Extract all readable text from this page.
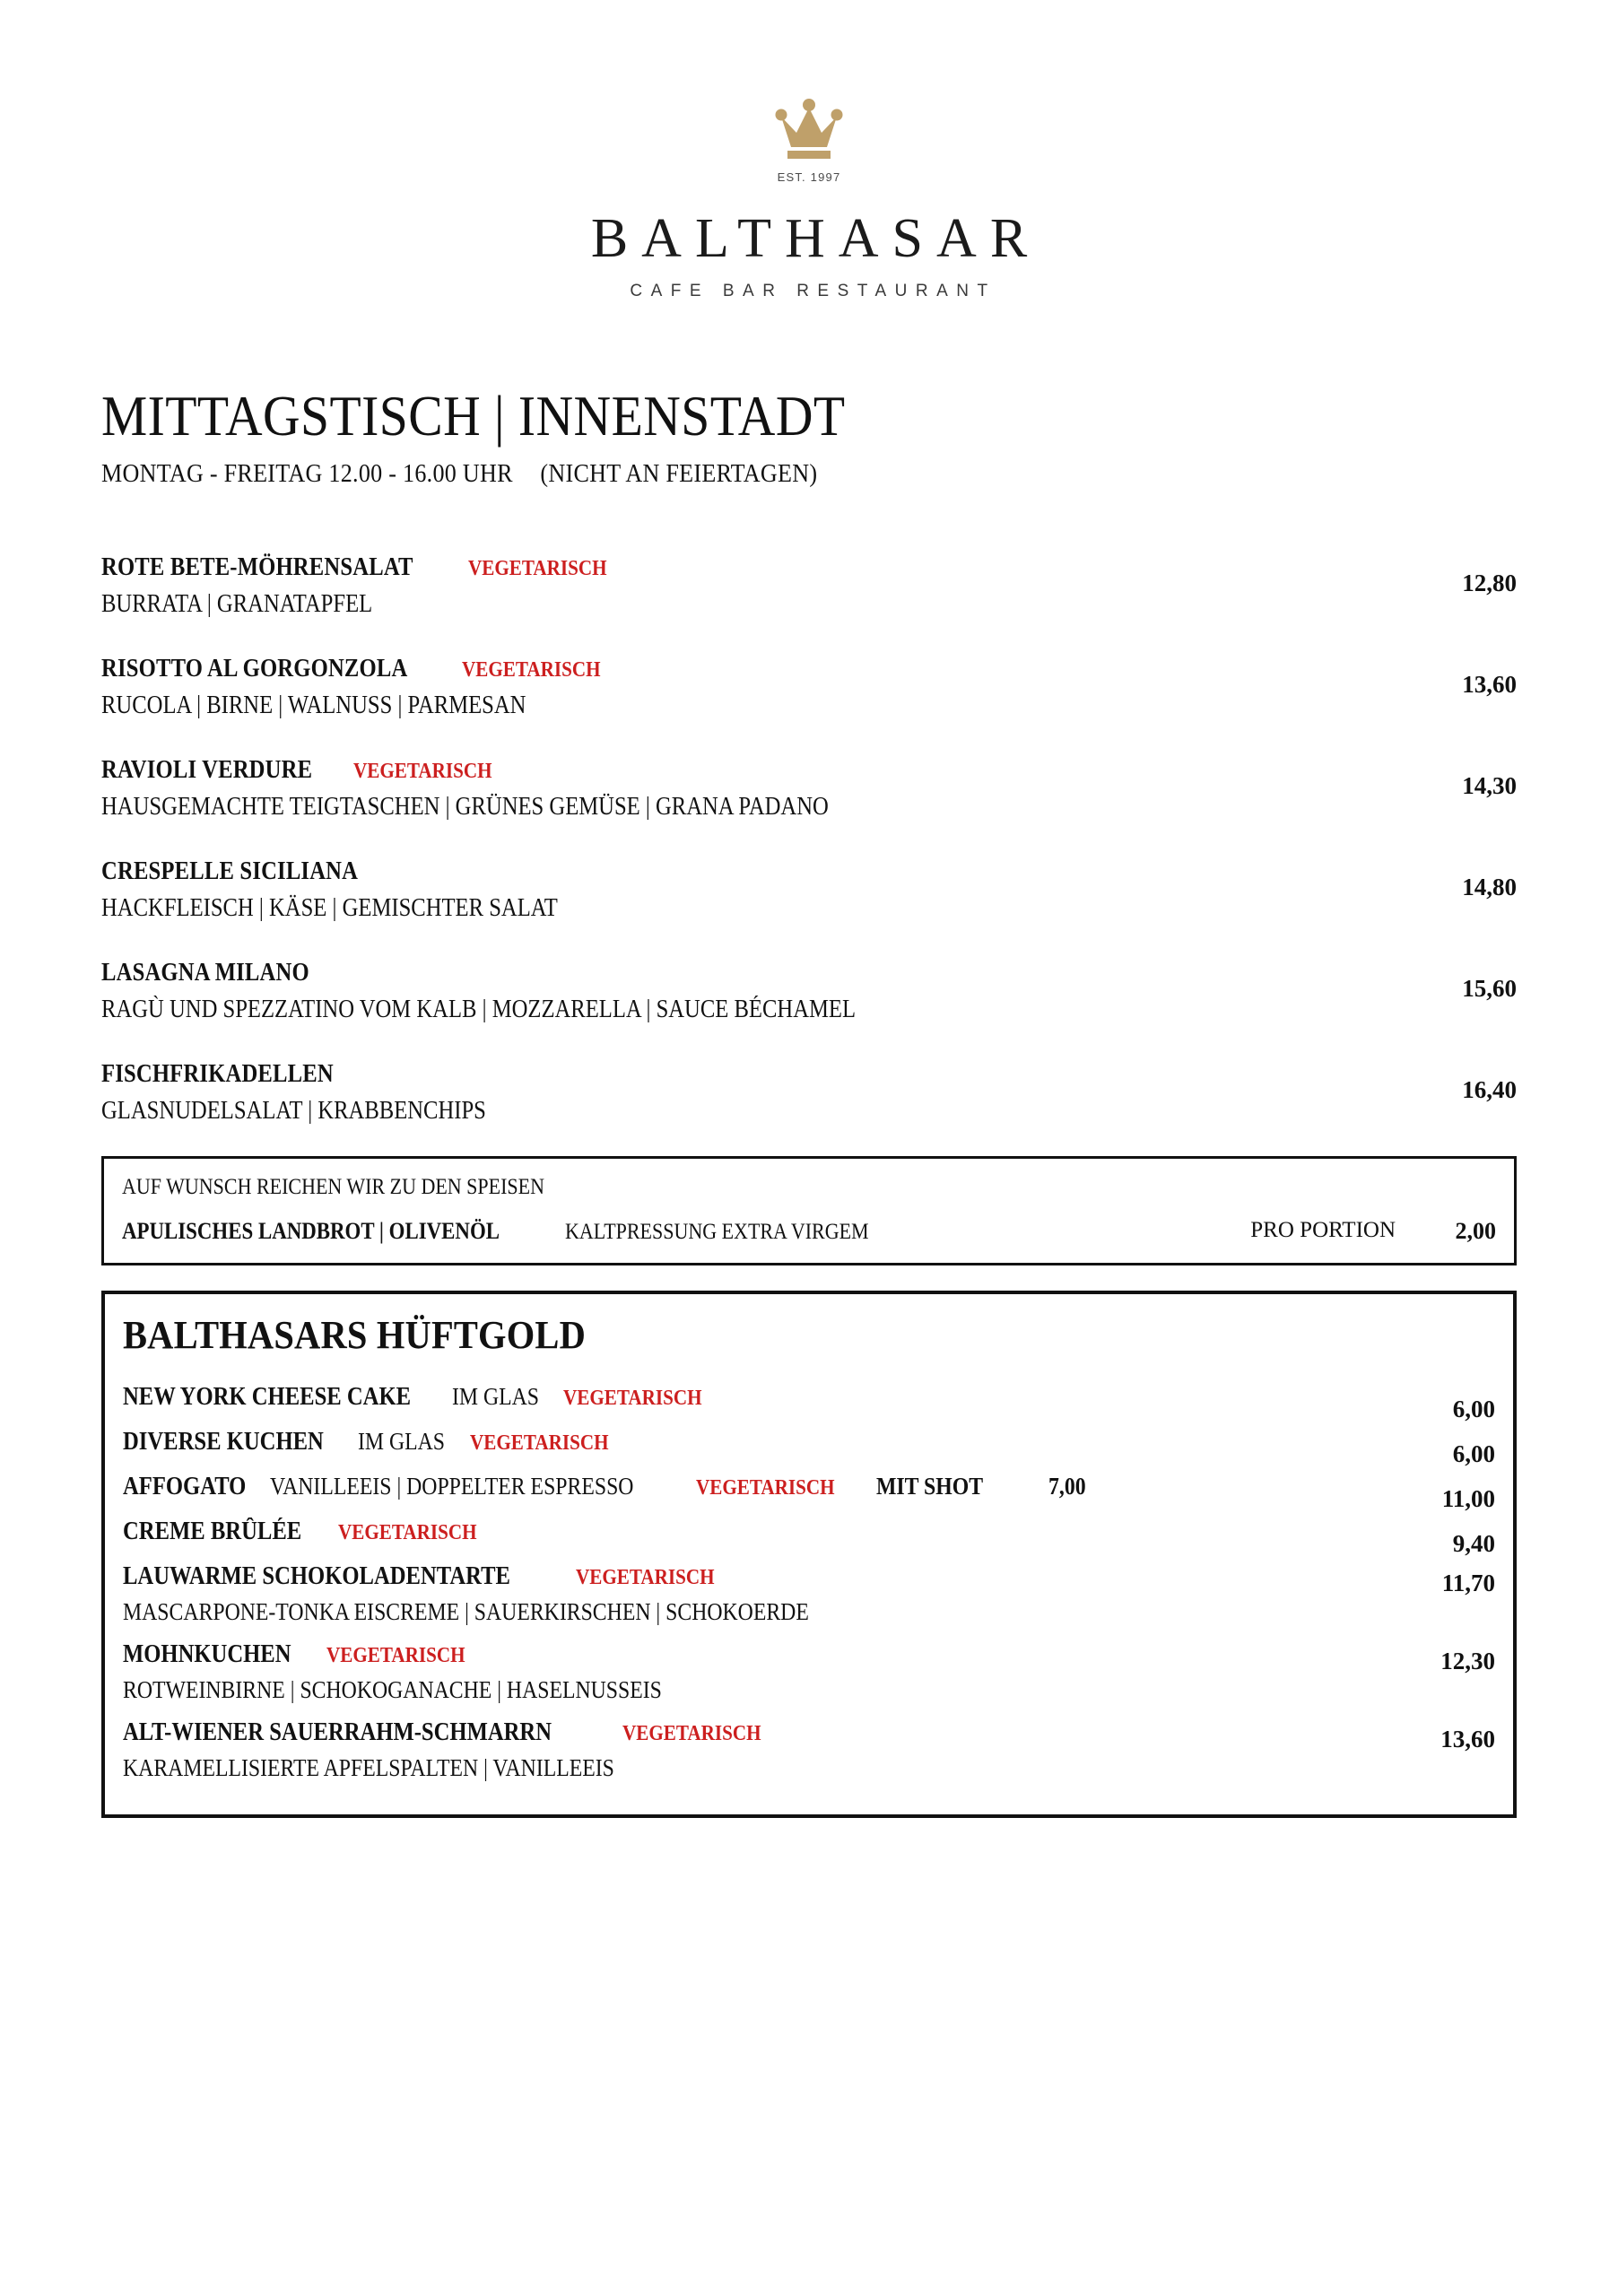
EST. 1997
BALTHASAR
CAFE BAR RESTAURANT
MITTAGSTISCH | INNENSTADT
MONTAG - FREITAG 12.00 - 16.00 UHR (NICHT AN FEIERTAGEN)
ROTE BETE-MÖHRENSALAT	VEGETARISCH
BURRATA | GRANATAPFEL
12,80
RISOTTO AL GORGONZOLA	VEGETARISCH
RUCOLA | BIRNE | WALNUSS | PARMESAN
13,60
RAVIOLI VERDURE VEGETARISCH
HAUSGEMACHTE TEIGTASCHEN | GRÜNES GEMÜSE | GRANA PADANO
14,30
CRESPELLE SICILIANA
HACKFLEISCH | KÄSE | GEMISCHTER SALAT
14,80
LASAGNA MILANO
RAGÙ UND SPEZZATINO VOM KALB | MOZZARELLA | SAUCE BÉCHAMEL
15,60
FISCHFRIKADELLEN
GLASNUDELSALAT | KRABBENCHIPS
16,40
AUF WUNSCH REICHEN WIR ZU DEN SPEISEN
APULISCHES LANDBROT | OLIVENÖL	KALTPRESSUNG EXTRA VIRGEM	PRO PORTION	2,00
BALTHASARS HÜFTGOLD
NEW YORK CHEESE CAKE IM GLAS VEGETARISCH	6,00
DIVERSE KUCHEN IM GLAS VEGETARISCH	6,00
AFFOGATO VANILLEEIS | DOPPELTER ESPRESSO	VEGETARISCH MIT SHOT	7,00	11,00
CREME BRÛLÉE VEGETARISCH	9,40
LAUWARME SCHOKOLADENTARTE	VEGETARISCH
MASCARPONE-TONKA EISCREME | SAUERKIRSCHEN | SCHOKOERDE
11,70
MOHNKUCHEN VEGETARISCH
ROTWEINBIRNE | SCHOKOGANACHE | HASELNUSSEIS
12,30
ALT-WIENER SAUERRAHM-SCHMARRN	VEGETARISCH
KARAMELLISIERTE APFELSPALTEN | VANILLEEIS
13,60
